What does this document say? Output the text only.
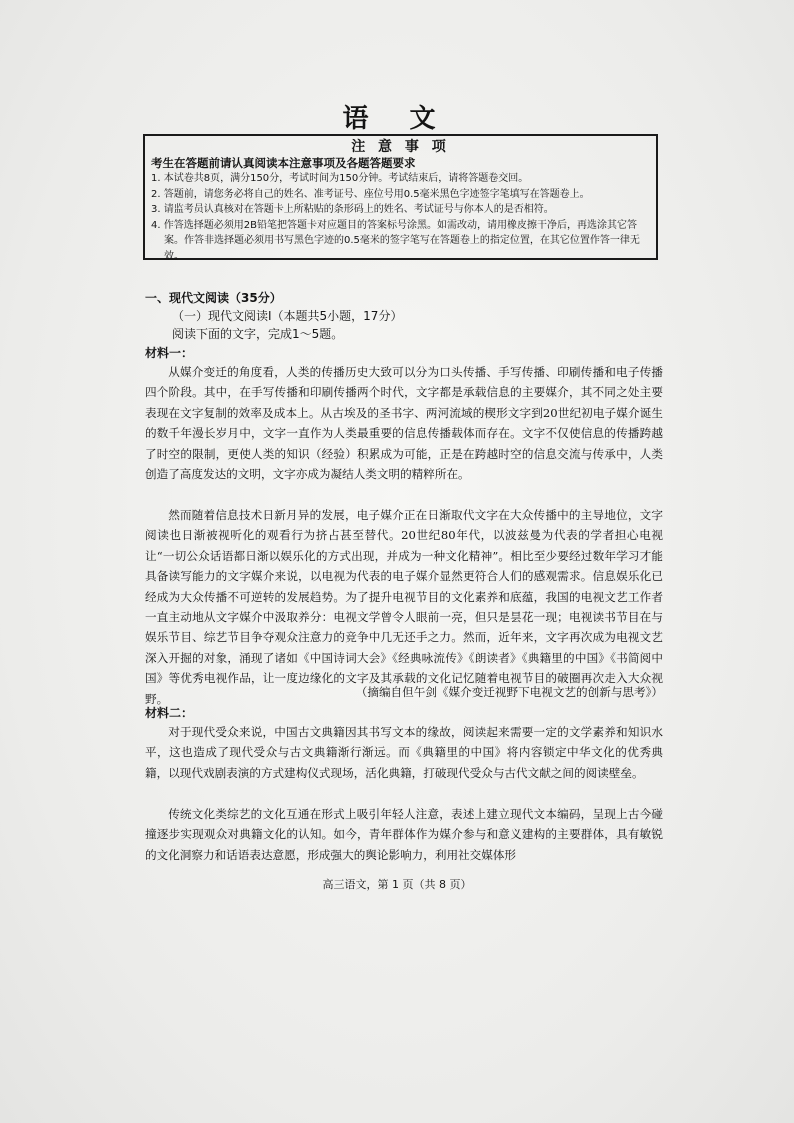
语 文
注 意 事 项
考生在答题前请认真阅读本注意事项及各题答题要求
1. 本试卷共8页，满分150分，考试时间为150分钟。考试结束后，请将答题卷交回。
2. 答题前，请您务必将自己的姓名、准考证号、座位号用0.5毫米黑色字迹签字笔填写在答题卷上。
3. 请监考员认真核对在答题卡上所粘贴的条形码上的姓名、考试证号与你本人的是否相符。
4. 作答选择题必须用2B铅笔把答题卡对应题目的答案标号涂黑。如需改动，请用橡皮擦干净后，再选涂其它答案。作答非选择题必须用书写黑色字迹的0.5毫米的签字笔写在答题卷上的指定位置，在其它位置作答一律无效。
一、现代文阅读（35分）
（一）现代文阅读Ⅰ（本题共5小题，17分）
阅读下面的文字，完成1～5题。
材料一：

从媒介变迁的角度看，人类的传播历史大致可以分为口头传播、手写传播、印刷传播和电子传播四个阶段。其中，在手写传播和印刷传播两个时代，文字都是承载信息的主要媒介，其不同之处主要表现在文字复制的效率及成本上。从古埃及的圣书字、两河流域的楔形文字到20世纪初电子媒介诞生的数千年漫长岁月中，文字一直作为人类最重要的信息传播载体而存在。文字不仅使信息的传播跨越了时空的限制，更使人类的知识（经验）积累成为可能，正是在跨越时空的信息交流与传承中，人类创造了高度发达的文明，文字亦成为凝结人类文明的精粹所在。

然而随着信息技术日新月异的发展，电子媒介正在日渐取代文字在大众传播中的主导地位，文字阅读也日渐被视听化的观看行为挤占甚至替代。20世纪80年代，以波兹曼为代表的学者担心电视让“一切公众话语都日渐以娱乐化的方式出现，并成为一种文化精神”。相比至少要经过数年学习才能具备读写能力的文字媒介来说，以电视为代表的电子媒介显然更符合人们的感观需求。信息娱乐化已经成为大众传播不可逆转的发展趋势。为了提升电视节目的文化素养和底蕴，我国的电视文艺工作者一直主动地从文字媒介中汲取养分：电视文学曾令人眼前一亮，但只是昙花一现；电视读书节目在与娱乐节目、综艺节目争夺观众注意力的竞争中几无还手之力。然而，近年来，文字再次成为电视文艺深入开掘的对象，涌现了诸如《中国诗词大会》《经典咏流传》《朗读者》《典籍里的中国》《书简阅中国》等优秀电视作品，让一度边缘化的文字及其承载的文化记忆随着电视节目的破圈再次走入大众视野。	（摘编自但午剑《媒介变迁视野下电视文艺的创新与思考》）
材料二：

对于现代受众来说，中国古文典籍因其书写文本的缘故，阅读起来需要一定的文学素养和知识水平，这也造成了现代受众与古文典籍渐行渐远。而《典籍里的中国》将内容锁定中华文化的优秀典籍，以现代戏剧表演的方式建构仪式现场，活化典籍，打破现代受众与古代文献之间的阅读壁垒。

传统文化类综艺的文化互通在形式上吸引年轻人注意，表述上建立现代文本编码，呈现上古今碰撞逐步实现观众对典籍文化的认知。如今，青年群体作为媒介参与和意义建构的主要群体，具有敏锐的文化洞察力和话语表达意愿，形成强大的舆论影响力，利用社交媒体形

高三语文，第 1 页（共 8 页）
